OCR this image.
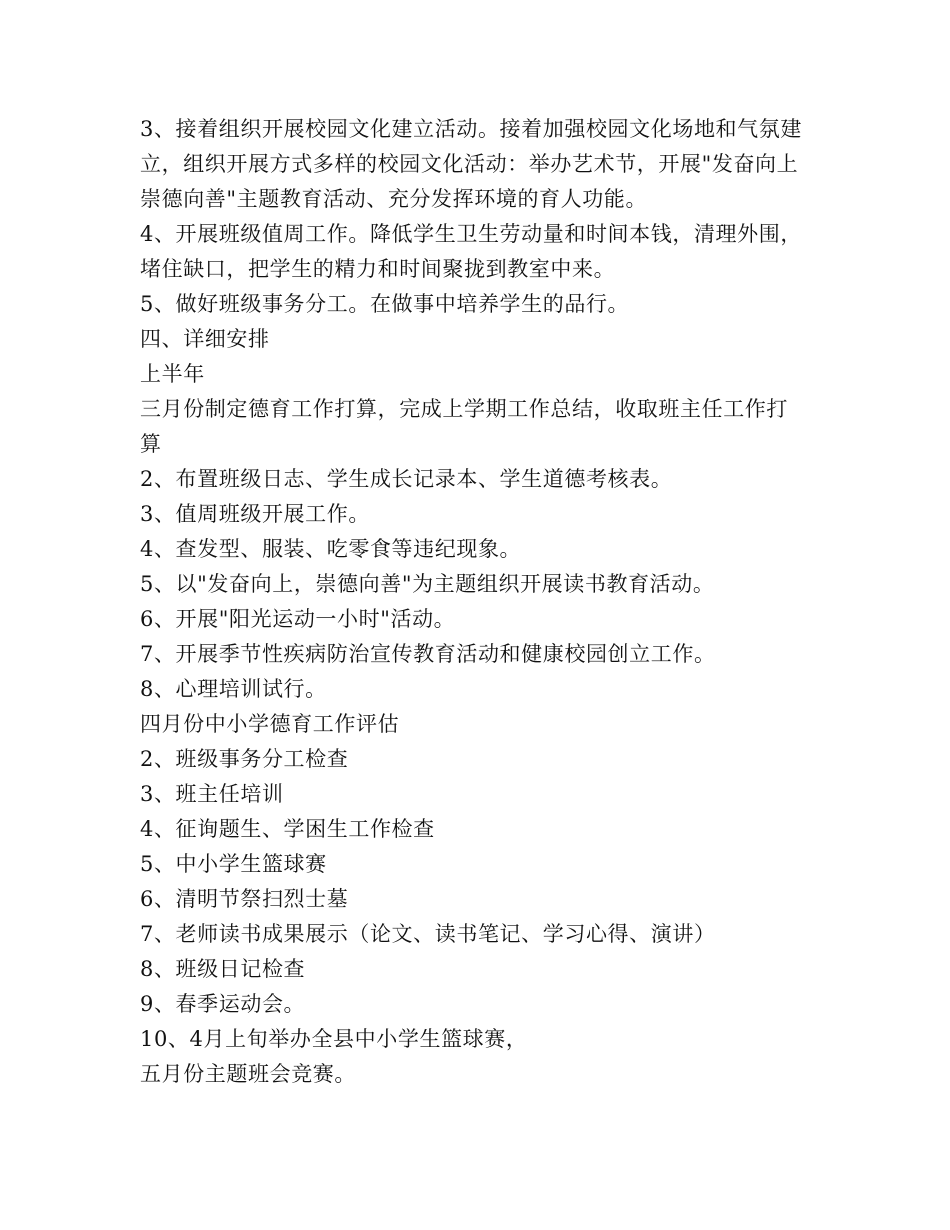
3、接着组织开展校园文化建立活动。接着加强校园文化场地和气氛建
立，组织开展方式多样的校园文化活动：举办艺术节，开展"发奋向上
崇德向善"主题教育活动、充分发挥环境的育人功能。
4、开展班级值周工作。降低学生卫生劳动量和时间本钱，清理外围，
堵住缺口，把学生的精力和时间聚拢到教室中来。
5、做好班级事务分工。在做事中培养学生的品行。
四、详细安排
上半年
三月份制定德育工作打算，完成上学期工作总结，收取班主任工作打
算
2、布置班级日志、学生成长记录本、学生道德考核表。
3、值周班级开展工作。
4、查发型、服装、吃零食等违纪现象。
5、以"发奋向上，崇德向善"为主题组织开展读书教育活动。
6、开展"阳光运动一小时"活动。
7、开展季节性疾病防治宣传教育活动和健康校园创立工作。
8、心理培训试行。
四月份中小学德育工作评估
2、班级事务分工检查
3、班主任培训
4、征询题生、学困生工作检查
5、中小学生篮球赛
6、清明节祭扫烈士墓
7、老师读书成果展示（论文、读书笔记、学习心得、演讲）
8、班级日记检查
9、春季运动会。
10、4月上旬举办全县中小学生篮球赛，
五月份主题班会竞赛。
